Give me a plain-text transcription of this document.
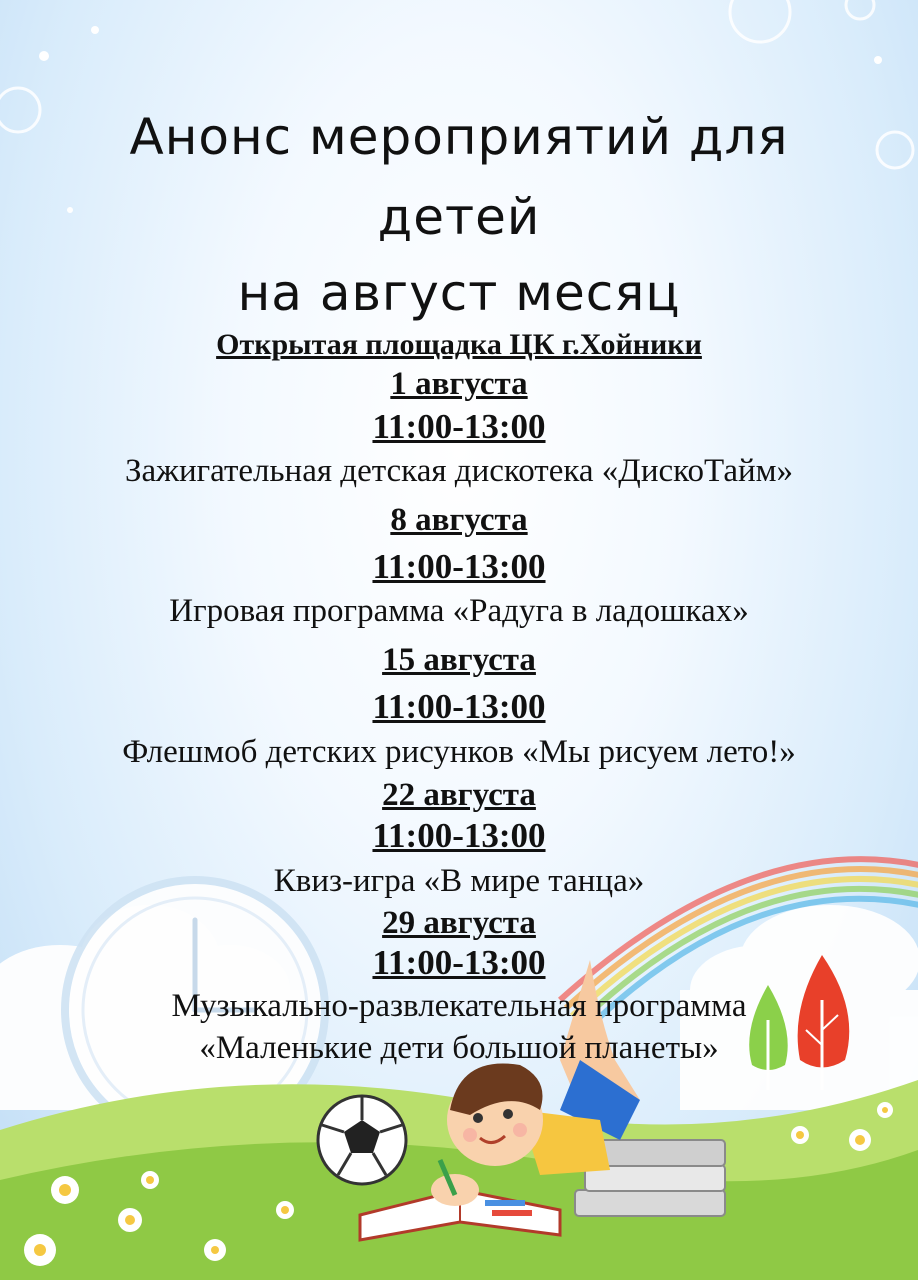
Анонс мероприятий для
детей
на август месяц
Открытая площадка ЦК г.Хойники
1 августа
11:00-13:00
Зажигательная детская дискотека «ДискоТайм»
8 августа
11:00-13:00
Игровая программа «Радуга в ладошках»
15 августа
11:00-13:00
Флешмоб детских рисунков «Мы рисуем лето!»
22 августа
11:00-13:00
Квиз-игра «В мире танца»
29 августа
11:00-13:00
Музыкально-развлекательная программа
«Маленькие дети большой планеты»
